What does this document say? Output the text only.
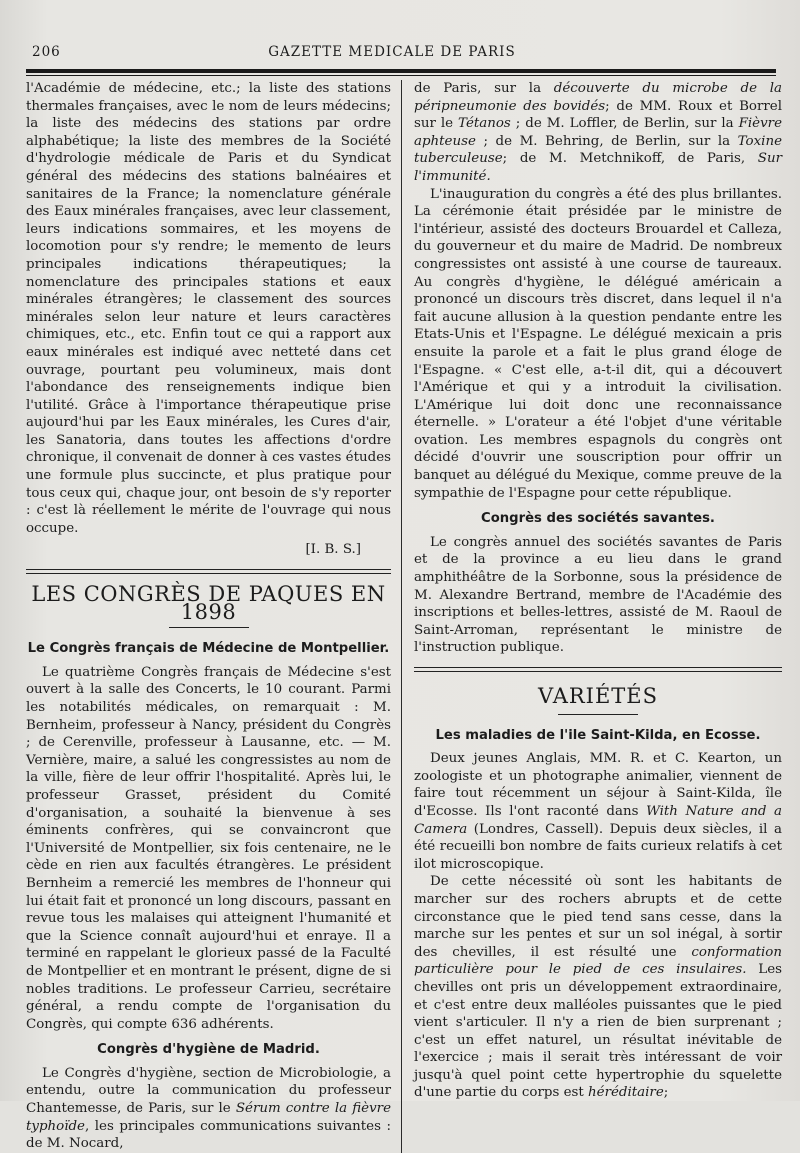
206	GAZETTE MEDICALE DE PARIS

l'Académie de médecine, etc.; la liste des stations thermales françaises, avec le nom de leurs médecins; la liste des médecins des stations par ordre alphabétique; la liste des membres de la Société d'hydrologie médicale de Paris et du Syndicat général des médecins des stations balnéaires et sanitaires de la France; la nomenclature générale des Eaux minérales françaises, avec leur classement, leurs indications sommaires, et les moyens de locomotion pour s'y rendre; le memento de leurs principales indications thérapeutiques; la nomenclature des principales stations et eaux minérales étrangères; le classement des sources minérales selon leur nature et leurs caractères chimiques, etc., etc. Enfin tout ce qui a rapport aux eaux minérales est indiqué avec netteté dans cet ouvrage, pourtant peu volumineux, mais dont l'abondance des renseignements indique bien l'utilité. Grâce à l'importance thérapeutique prise aujourd'hui par les Eaux minérales, les Cures d'air, les Sanatoria, dans toutes les affections d'ordre chronique, il convenait de donner à ces vastes études une formule plus succincte, et plus pratique pour tous ceux qui, chaque jour, ont besoin de s'y reporter : c'est là réellement le mérite de l'ouvrage qui nous occupe.

[I. B. S.]
LES CONGRÈS DE PAQUES EN 1898
Le Congrès français de Médecine de Montpellier.

Le quatrième Congrès français de Médecine s'est ouvert à la salle des Concerts, le 10 courant. Parmi les notabilités médicales, on remarquait : M. Bernheim, professeur à Nancy, président du Congrès ; de Cerenville, professeur à Lausanne, etc. — M. Vernière, maire, a salué les congressistes au nom de la ville, fière de leur offrir l'hospitalité. Après lui, le professeur Grasset, président du Comité d'organisation, a souhaité la bienvenue à ses éminents confrères, qui se convaincront que l'Université de Montpellier, six fois centenaire, ne le cède en rien aux facultés étrangères. Le président Bernheim a remercié les membres de l'honneur qui lui était fait et prononcé un long discours, passant en revue tous les malaises qui atteignent l'humanité et que la Science connaît aujourd'hui et enraye. Il a terminé en rappelant le glorieux passé de la Faculté de Montpellier et en montrant le présent, digne de si nobles traditions. Le professeur Carrieu, secrétaire général, a rendu compte de l'organisation du Congrès, qui compte 636 adhérents.

Congrès d'hygiène de Madrid.

Le Congrès d'hygiène, section de Microbiologie, a entendu, outre la communication du professeur Chantemesse, de Paris, sur le Sérum contre la fièvre typhoïde, les principales communications suivantes : de M. Nocard,

de Paris, sur la découverte du microbe de la péripneumonie des bovidés; de MM. Roux et Borrel sur le Tétanos ; de M. Loffler, de Berlin, sur la Fièvre aphteuse ; de M. Behring, de Berlin, sur la Toxine tuberculeuse; de M. Metchnikoff, de Paris, Sur l'immunité.

L'inauguration du congrès a été des plus brillantes. La cérémonie était présidée par le ministre de l'intérieur, assisté des docteurs Brouardel et Calleza, du gouverneur et du maire de Madrid. De nombreux congressistes ont assisté à une course de taureaux. Au congrès d'hygiène, le délégué américain a prononcé un discours très discret, dans lequel il n'a fait aucune allusion à la question pendante entre les Etats-Unis et l'Espagne. Le délégué mexicain a pris ensuite la parole et a fait le plus grand éloge de l'Espagne. « C'est elle, a-t-il dit, qui a découvert l'Amérique et qui y a introduit la civilisation. L'Amérique lui doit donc une reconnaissance éternelle. » L'orateur a été l'objet d'une véritable ovation. Les membres espagnols du congrès ont décidé d'ouvrir une souscription pour offrir un banquet au délégué du Mexique, comme preuve de la sympathie de l'Espagne pour cette république.

Congrès des sociétés savantes.

Le congrès annuel des sociétés savantes de Paris et de la province a eu lieu dans le grand amphithéâtre de la Sorbonne, sous la présidence de M. Alexandre Bertrand, membre de l'Académie des inscriptions et belles-lettres, assisté de M. Raoul de Saint-Arroman, représentant le ministre de l'instruction publique.

VARIÉTÉS
Les maladies de l'ile Saint-Kilda, en Ecosse.

Deux jeunes Anglais, MM. R. et C. Kearton, un zoologiste et un photographe animalier, viennent de faire tout récemment un séjour à Saint-Kilda, île d'Ecosse. Ils l'ont raconté dans With Nature and a Camera (Londres, Cassell). Depuis deux siècles, il a été recueilli bon nombre de faits curieux relatifs à cet ilot microscopique.

De cette nécessité où sont les habitants de marcher sur des rochers abrupts et de cette circonstance que le pied tend sans cesse, dans la marche sur les pentes et sur un sol inégal, à sortir des chevilles, il est résulté une conformation particulière pour le pied de ces insulaires. Les chevilles ont pris un développement extraordinaire, et c'est entre deux malléoles puissantes que le pied vient s'articuler. Il n'y a rien de bien surprenant ; c'est un effet naturel, un résultat inévitable de l'exercice ; mais il serait très intéressant de voir jusqu'à quel point cette hypertrophie du squelette d'une partie du corps est héréditaire;
